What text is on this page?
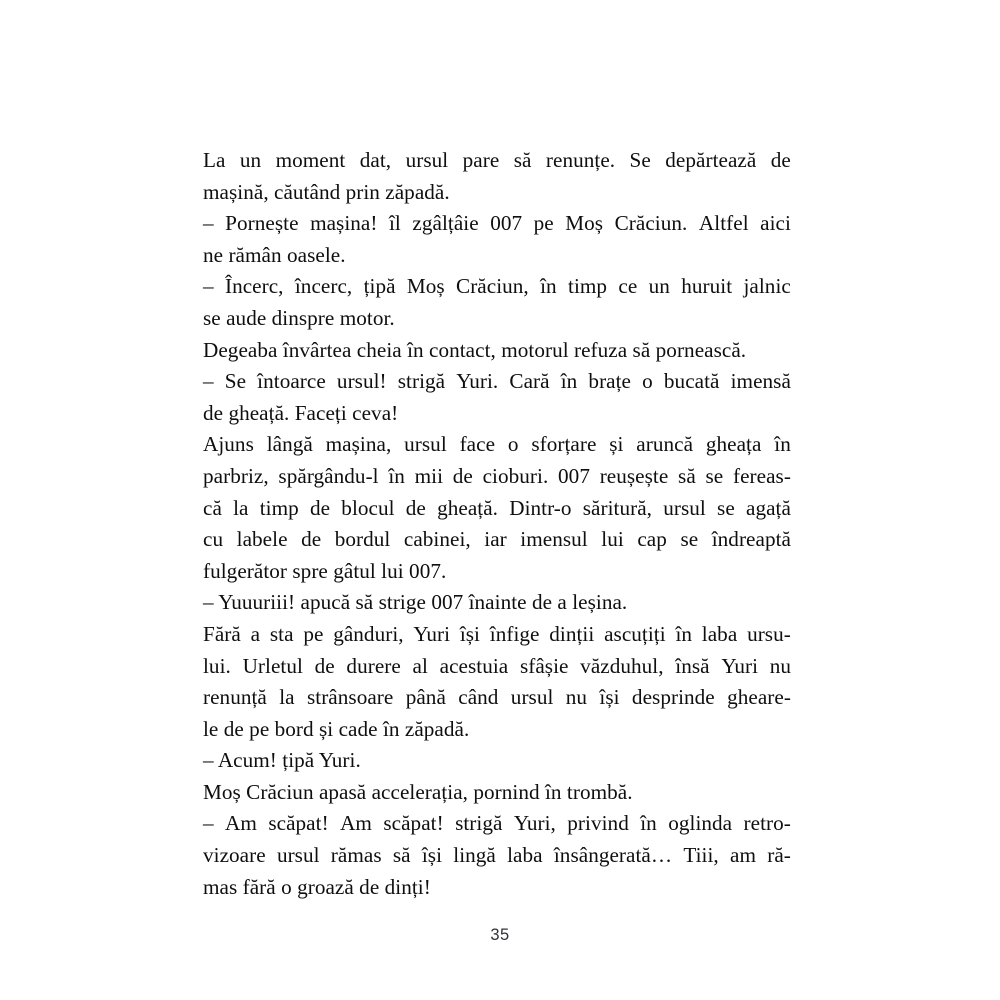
La un moment dat, ursul pare să renunțe. Se depărtează de
mașină, căutând prin zăpadă.
– Pornește mașina! îl zgâlțâie 007 pe Moș Crăciun. Altfel aici
ne rămân oasele.
– Încerc, încerc, țipă Moș Crăciun, în timp ce un huruit jalnic
se aude dinspre motor.
Degeaba învârtea cheia în contact, motorul refuza să pornească.
– Se întoarce ursul! strigă Yuri. Cară în brațe o bucată imensă
de gheață. Faceți ceva!
Ajuns lângă mașina, ursul face o sforțare și aruncă gheața în
parbriz, spărgându-l în mii de cioburi. 007 reușește să se fereas-
că la timp de blocul de gheață. Dintr-o săritură, ursul se agață
cu labele de bordul cabinei, iar imensul lui cap se îndreaptă
fulgerător spre gâtul lui 007.
– Yuuuriii! apucă să strige 007 înainte de a leșina.
Fără a sta pe gânduri, Yuri își înfige dinții ascuțiți în laba ursu-
lui. Urletul de durere al acestuia sfâșie văzduhul, însă Yuri nu
renunță la strânsoare până când ursul nu își desprinde gheare-
le de pe bord și cade în zăpadă.
– Acum! țipă Yuri.
Moș Crăciun apasă accelerația, pornind în trombă.
– Am scăpat! Am scăpat! strigă Yuri, privind în oglinda retro-
vizoare ursul rămas să își lingă laba însângerată… Tiii, am ră-
mas fără o groază de dinți!
35
